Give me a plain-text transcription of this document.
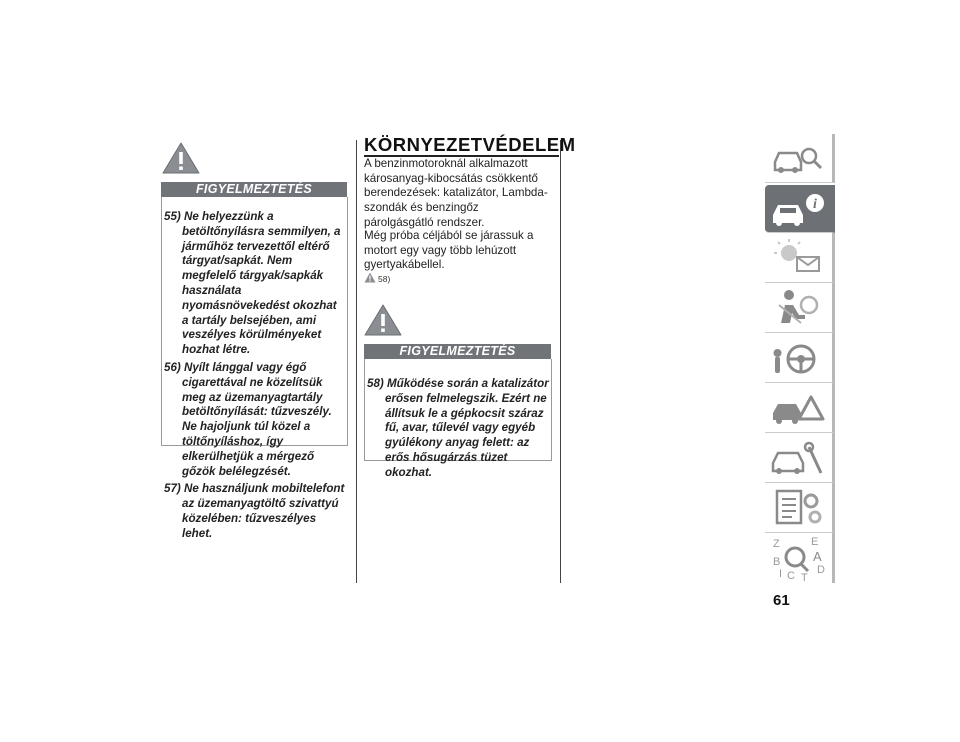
FIGYELMEZTETÉS
55) Ne helyezzünk a betöltőnyílásra semmilyen, a járműhöz tervezettől eltérő tárgyat/sapkát. Nem megfelelő tárgyak/sapkák használata nyomásnövekedést okozhat a tartály belsejében, ami veszélyes körülményeket hozhat létre.
56) Nyílt lánggal vagy égő cigarettával ne közelítsük meg az üzemanyagtartály betöltőnyílását: tűzveszély. Ne hajoljunk túl közel a töltőnyíláshoz, így elkerülhetjük a mérgező gőzök belélegzését.
57) Ne használjunk mobiltelefont az üzemanyagtöltő szivattyú közelében: tűzveszélyes lehet.
KÖRNYEZETVÉDELEM
A benzinmotoroknál alkalmazott károsanyag-kibocsátás csökkentő berendezések: katalizátor, Lambda-szondák és benzingőz párolgásgátló rendszer.
Még próba céljából se járassuk a motort egy vagy több lehúzott gyertyakábellel.
58)
FIGYELMEZTETÉS
58) Működése során a katalizátor erősen felmelegszik. Ezért ne állítsuk le a gépkocsit száraz fű, avar, tűlevél vagy egyéb gyúlékony anyag felett: az erős hősugárzás tüzet okozhat.
i
Z	E
B	A
I C T
D
61
